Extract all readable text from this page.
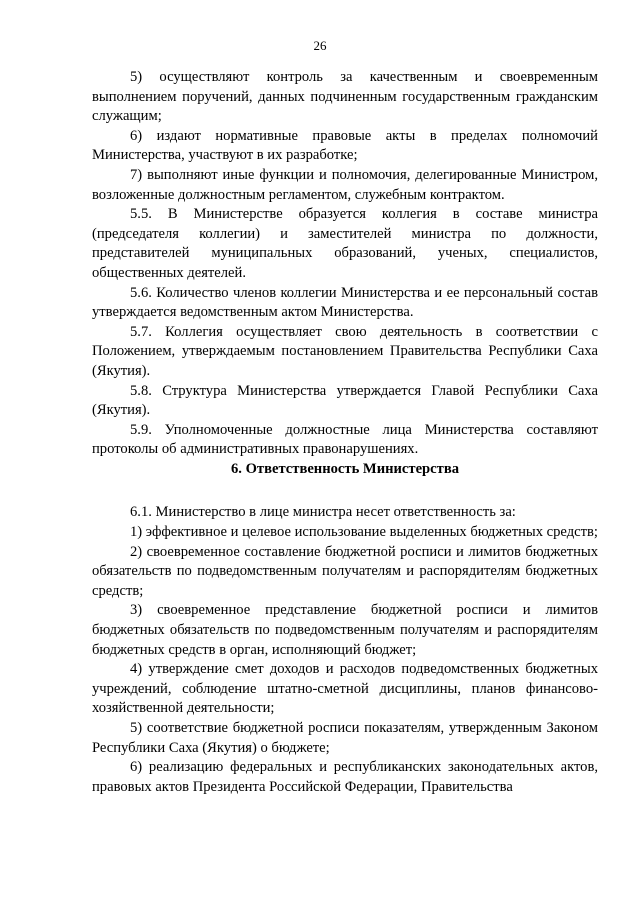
26

5) осуществляют контроль за качественным и своевременным выполнением поручений, данных подчиненным государственным гражданским служащим;

6) издают нормативные правовые акты в пределах полномочий Министерства, участвуют в их разработке;

7) выполняют иные функции и полномочия, делегированные Министром, возложенные должностным регламентом, служебным контрактом.

5.5. В Министерстве образуется коллегия в составе министра (председателя коллегии) и заместителей министра по должности, представителей муниципальных образований, ученых, специалистов, общественных деятелей.

5.6. Количество членов коллегии Министерства и ее персональный состав утверждается ведомственным актом Министерства.

5.7. Коллегия осуществляет свою деятельность в соответствии с Положением, утверждаемым постановлением Правительства Республики Саха (Якутия).

5.8. Структура Министерства утверждается Главой Республики Саха (Якутия).

5.9. Уполномоченные должностные лица Министерства составляют протоколы об административных правонарушениях.

6. Ответственность Министерства

6.1. Министерство в лице министра несет ответственность за:

1) эффективное и целевое использование выделенных бюджетных средств;

2) своевременное составление бюджетной росписи и лимитов бюджетных обязательств по подведомственным получателям и распорядителям бюджетных средств;

3) своевременное представление бюджетной росписи и лимитов бюджетных обязательств по подведомственным получателям и распорядителям бюджетных средств в орган, исполняющий бюджет;

4) утверждение смет доходов и расходов подведомственных бюджетных учреждений, соблюдение штатно-сметной дисциплины, планов финансово-хозяйственной деятельности;

5) соответствие бюджетной росписи показателям, утвержденным Законом Республики Саха (Якутия) о бюджете;

6) реализацию федеральных и республиканских законодательных актов, правовых актов Президента Российской Федерации, Правительства
